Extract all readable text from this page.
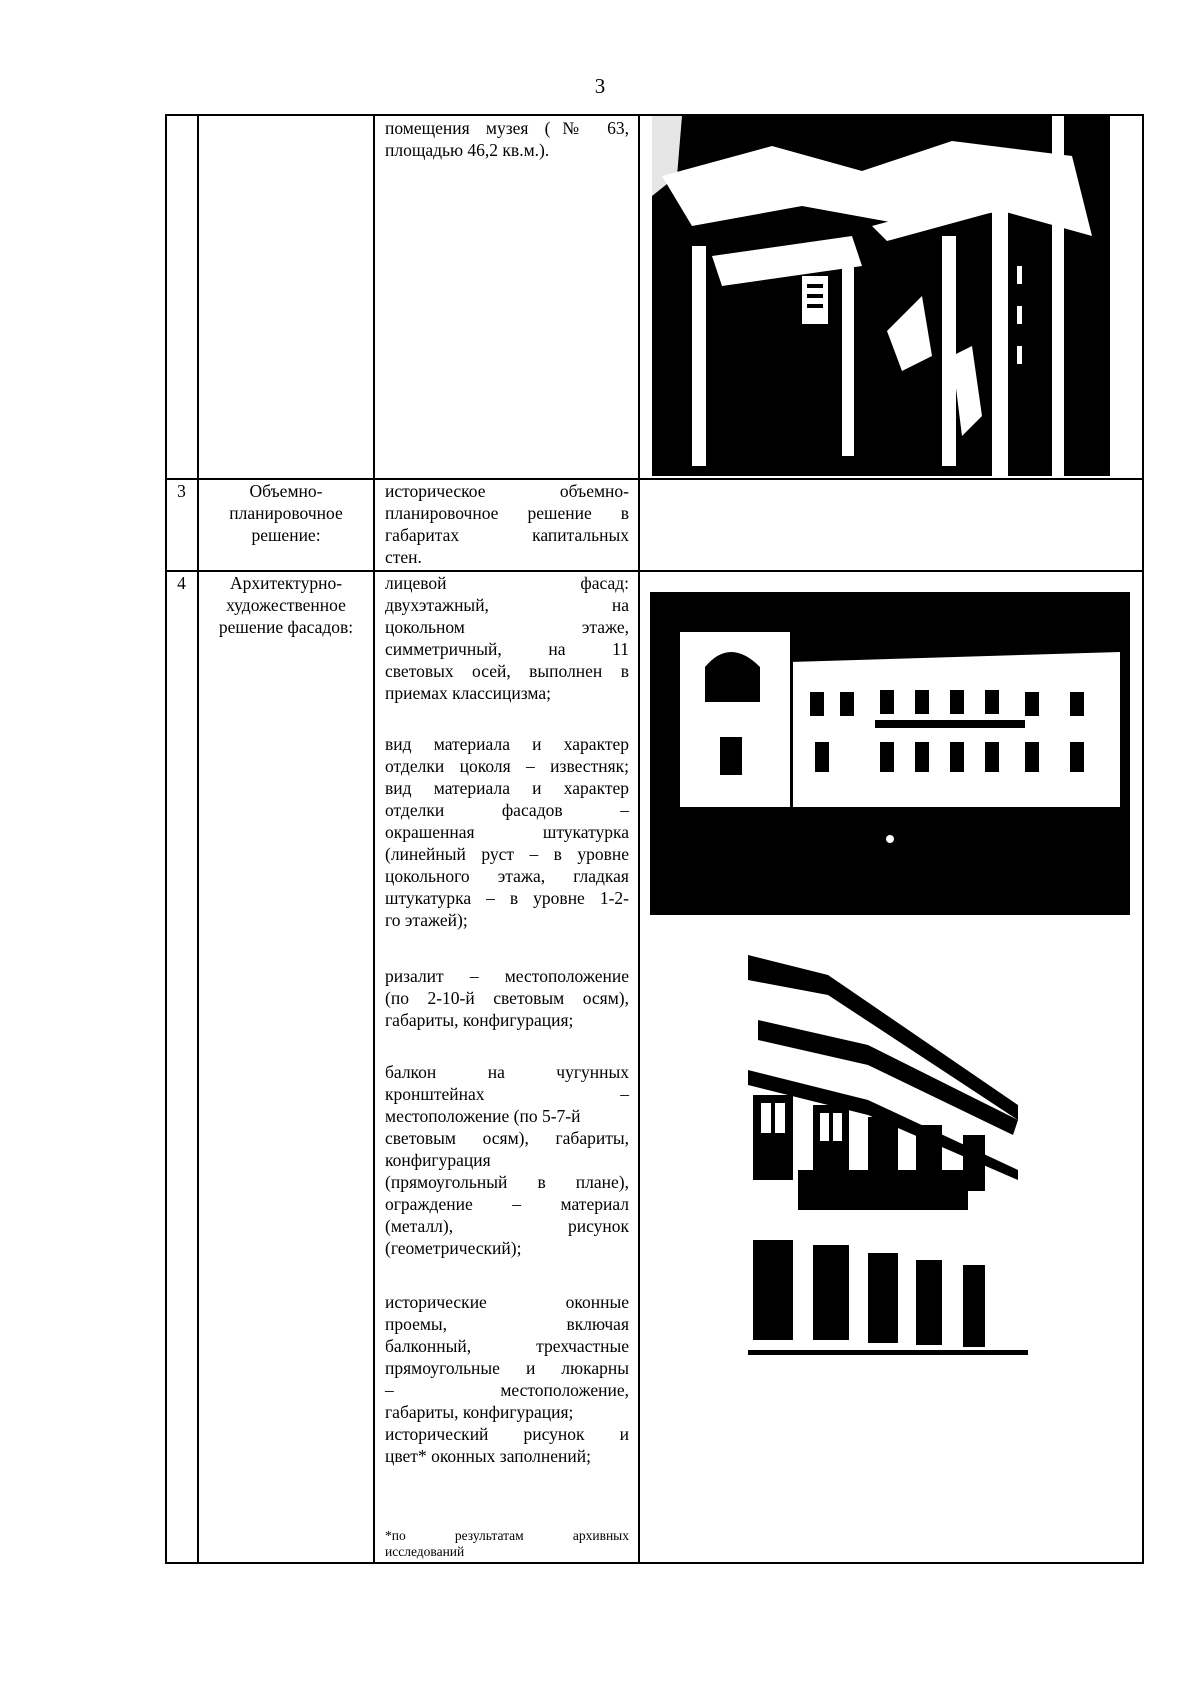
3
помещения музея (№ 63,
площадью 46,2 кв.м.).
3	Объемно-
планировочное
решение:
историческое объемно-
планировочное решение в
габаритах капитальных
стен.
4	Архитектурно-
художественное
решение фасадов:
лицевой фасад:
двухэтажный, на
цокольном этаже,
симметричный, на 11
световых осей, выполнен в
приемах классицизма;
вид материала и характер
отделки цоколя – известняк;
вид материала и характер
отделки фасадов –
окрашенная штукатурка
(линейный руст – в уровне
цокольного этажа, гладкая
штукатурка – в уровне 1-2-
го этажей);
ризалит – местоположение
(по 2-10-й световым осям),
габариты, конфигурация;
балкон на чугунных
кронштейнах –
местоположение (по 5-7-й
световым осям), габариты,
конфигурация
(прямоугольный в плане),
ограждение – материал
(металл), рисунок
(геометрический);
исторические оконные
проемы, включая
балконный, трехчастные
прямоугольные и люкарны
– местоположение,
габариты, конфигурация;
исторический рисунок и
цвет* оконных заполнений;
*по результатам архивных
исследований
